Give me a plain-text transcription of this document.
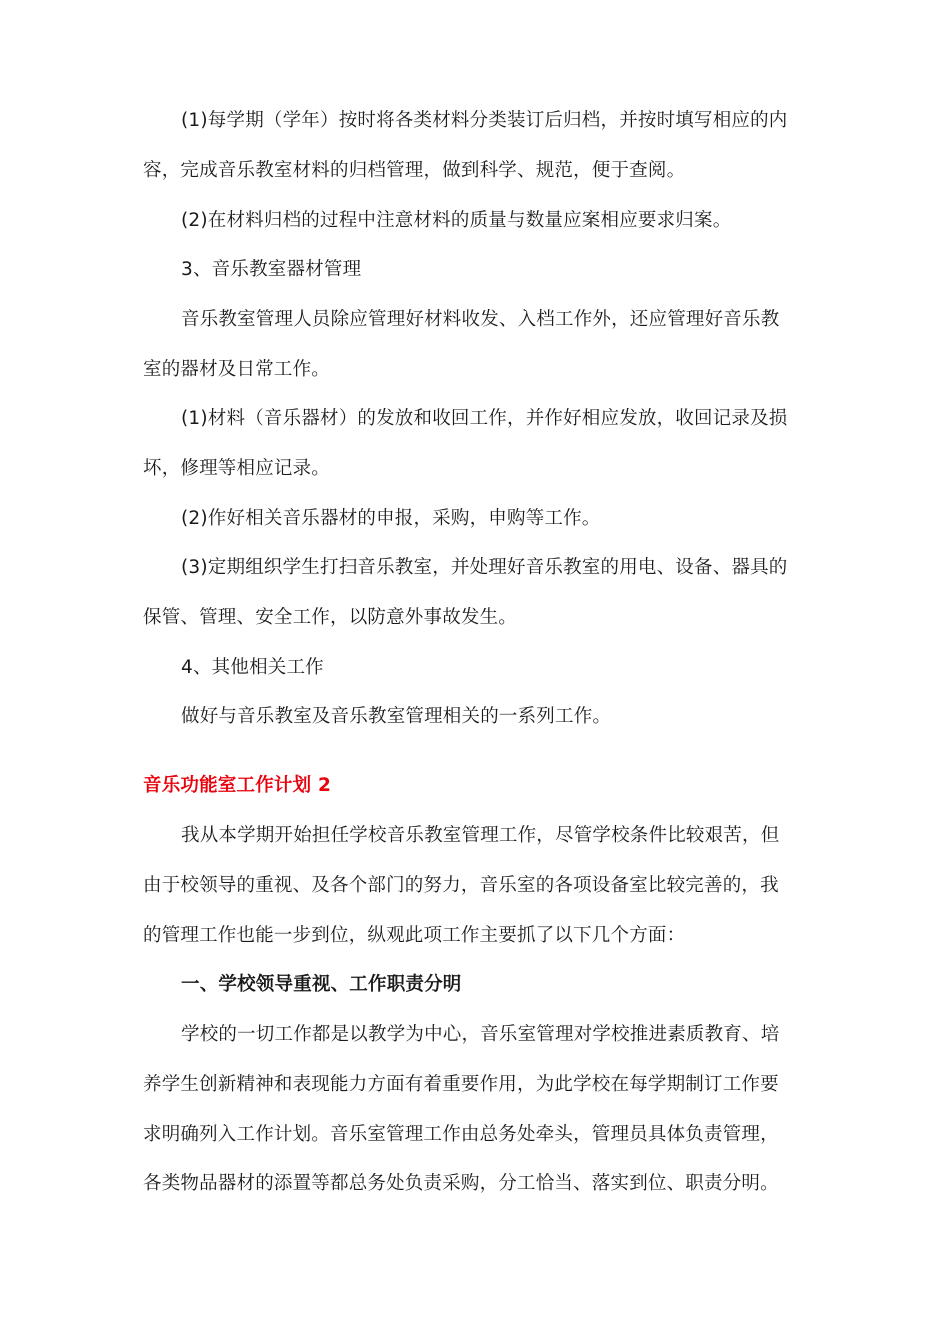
(1)每学期（学年）按时将各类材料分类装订后归档，并按时填写相应的内
容，完成音乐教室材料的归档管理，做到科学、规范，便于查阅。
(2)在材料归档的过程中注意材料的质量与数量应案相应要求归案。
3、音乐教室器材管理
音乐教室管理人员除应管理好材料收发、入档工作外，还应管理好音乐教
室的器材及日常工作。
(1)材料（音乐器材）的发放和收回工作，并作好相应发放，收回记录及损
坏，修理等相应记录。
(2)作好相关音乐器材的申报，采购，申购等工作。
(3)定期组织学生打扫音乐教室，并处理好音乐教室的用电、设备、器具的
保管、管理、安全工作，以防意外事故发生。
4、其他相关工作
做好与音乐教室及音乐教室管理相关的一系列工作。
音乐功能室工作计划 2
我从本学期开始担任学校音乐教室管理工作，尽管学校条件比较艰苦，但
由于校领导的重视、及各个部门的努力，音乐室的各项设备室比较完善的，我
的管理工作也能一步到位，纵观此项工作主要抓了以下几个方面：
一、学校领导重视、工作职责分明
学校的一切工作都是以教学为中心，音乐室管理对学校推进素质教育、培
养学生创新精神和表现能力方面有着重要作用，为此学校在每学期制订工作要
求明确列入工作计划。音乐室管理工作由总务处牵头，管理员具体负责管理，
各类物品器材的添置等都总务处负责采购，分工恰当、落实到位、职责分明。
